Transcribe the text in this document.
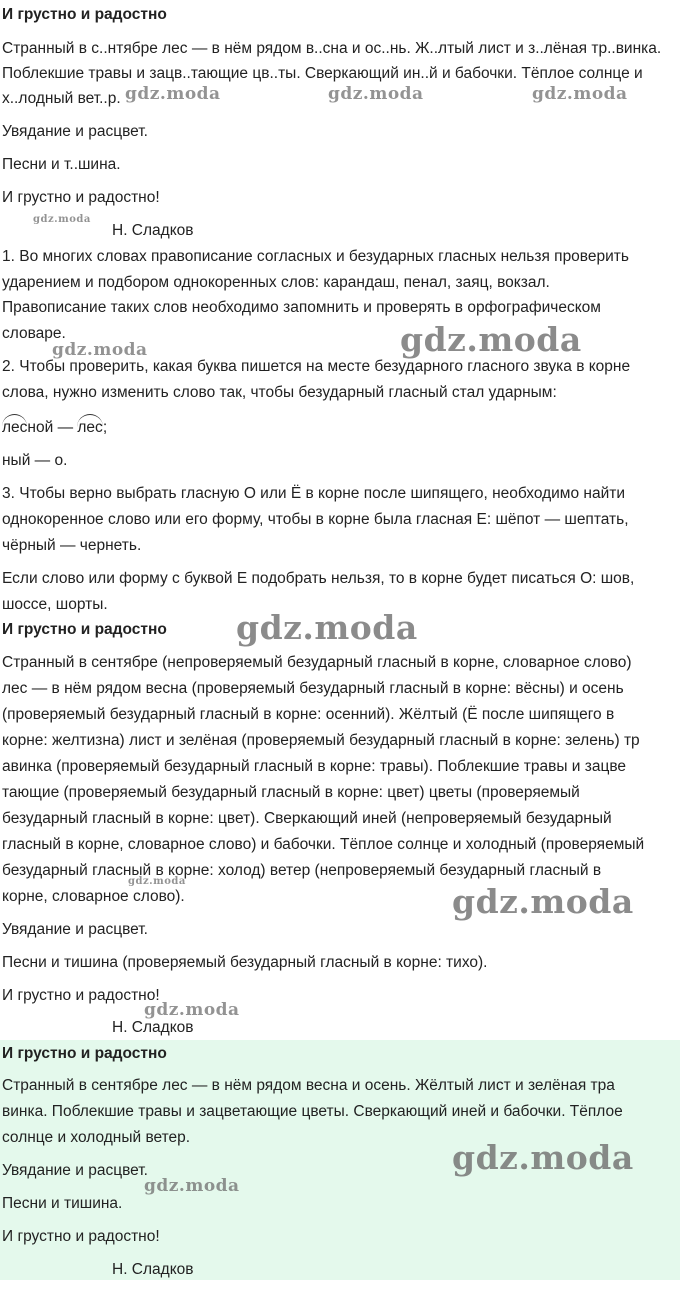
И грустно и радостно

Странный в с..нтябре лес — в нём рядом в..сна и ос..нь. Ж..лтый лист и з..лёная тр..винка.

Поблекшие травы и зацв..тающие цв..ты. Сверкающий ин..й и бабочки. Тёплое солнце и

х..лодный вет..р.

Увядание и расцвет.

Песни и т..шина.

И грустно и радостно!

Н. Сладков

1. Во многих словах правописание согласных и безударных гласных нельзя проверить

ударением и подбором однокоренных слов: карандаш, пенал, заяц, вокзал.

Правописание таких слов необходимо запомнить и проверять в орфографическом

словаре.

2. Чтобы проверить, какая буква пишется на месте безударного гласного звука в корне

слова, нужно изменить слово так, чтобы безударный гласный стал ударным:

лесной — лес;

ный — о.

3. Чтобы верно выбрать гласную О или Ё в корне после шипящего, необходимо найти

однокоренное слово или его форму, чтобы в корне была гласная Е: шёпот — шептать,

чёрный — чернеть.

Если слово или форму с буквой Е подобрать нельзя, то в корне будет писаться О: шов,

шоссе, шорты.

И грустно и радостно

Странный в сентябре (непроверяемый безударный гласный в корне, словарное слово)

лес — в нём рядом весна (проверяемый безударный гласный в корне: вёсны) и осень

(проверяемый безударный гласный в корне: осенний). Жёлтый (Ё после шипящего в

корне: желтизна) лист и зелёная (проверяемый безударный гласный в корне: зелень) тр

авинка (проверяемый безударный гласный в корне: травы). Поблекшие травы и зацве

тающие (проверяемый безударный гласный в корне: цвет) цветы (проверяемый

безударный гласный в корне: цвет). Сверкающий иней (непроверяемый безударный

гласный в корне, словарное слово) и бабочки. Тёплое солнце и холодный (проверяемый

безударный гласный в корне: холод) ветер (непроверяемый безударный гласный в

корне, словарное слово).

Увядание и расцвет.

Песни и тишина (проверяемый безударный гласный в корне: тихо).

И грустно и радостно!

Н. Сладков

И грустно и радостно

Странный в сентябре лес — в нём рядом весна и осень. Жёлтый лист и зелёная тра

винка. Поблекшие травы и зацветающие цветы. Сверкающий иней и бабочки. Тёплое

солнце и холодный ветер.

Увядание и расцвет.

Песни и тишина.

И грустно и радостно!

Н. Сладков

gdz.moda	gdz.moda	gdz.moda
gdz.moda
gdz.moda	gdz.moda
gdz.moda
gdz.moda
gdz.moda
gdz.moda
gdz.moda
gdz.moda
